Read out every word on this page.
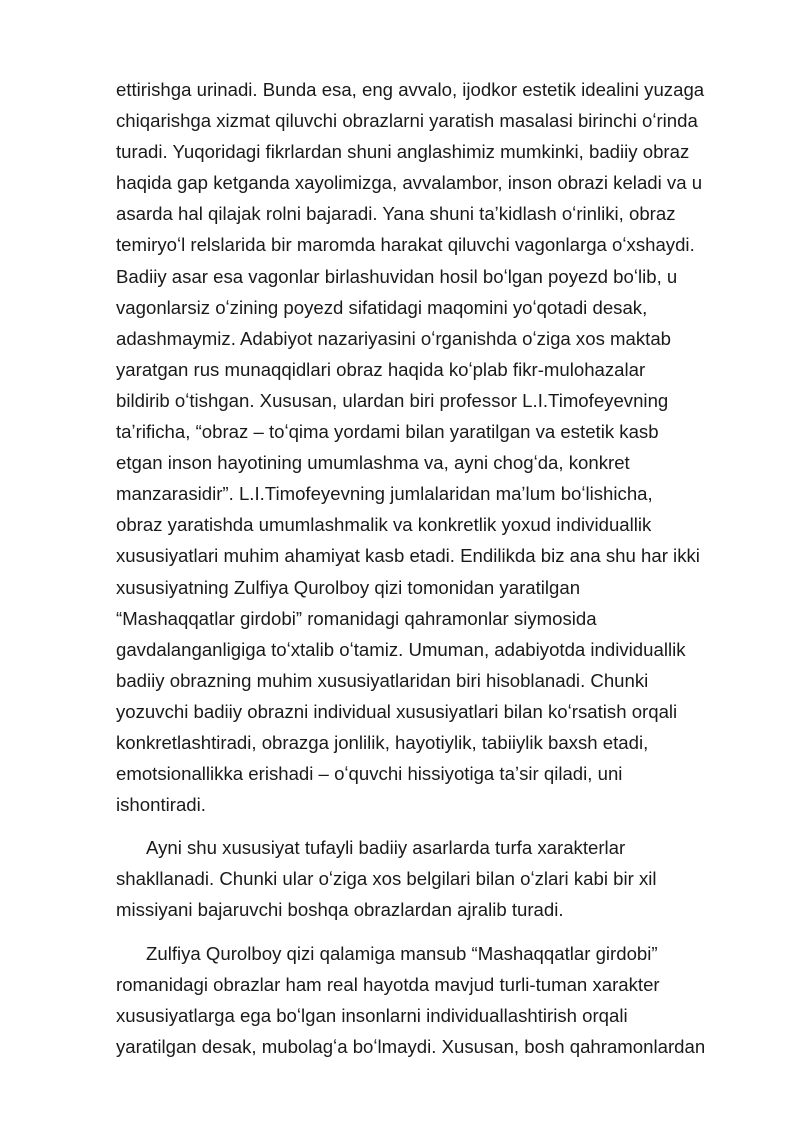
ettirishga urinadi. Bunda esa, eng avvalo, ijodkor estetik idealini yuzaga
chiqarishga xizmat qiluvchi obrazlarni yaratish masalasi birinchi oʻrinda
turadi. Yuqoridagi fikrlardan shuni anglashimiz mumkinki, badiiy obraz
haqida gap ketganda xayolimizga, avvalambor, inson obrazi keladi va u
asarda hal qilajak rolni bajaradi. Yana shuni taʼkidlash oʻrinliki, obraz
temiryoʻl relslarida bir maromda harakat qiluvchi vagonlarga oʻxshaydi.
Badiiy asar esa vagonlar birlashuvidan hosil boʻlgan poyezd boʻlib, u
vagonlarsiz oʻzining poyezd sifatidagi maqomini yoʻqotadi desak,
adashmaymiz. Adabiyot nazariyasini oʻrganishda oʻziga xos maktab
yaratgan rus munaqqidlari obraz haqida koʻplab fikr-mulohazalar
bildirib oʻtishgan. Xususan, ulardan biri professor L.I.Timofeyevning
taʼrificha, “obraz – toʻqima yordami bilan yaratilgan va estetik kasb
etgan inson hayotining umumlashma va, ayni chogʻda, konkret
manzarasidir”. L.I.Timofeyevning jumlalaridan maʼlum boʻlishicha,
obraz yaratishda umumlashmalik va konkretlik yoxud individuallik
xususiyatlari muhim ahamiyat kasb etadi. Endilikda biz ana shu har ikki
xususiyatning Zulfiya Qurolboy qizi tomonidan yaratilgan
“Mashaqqatlar girdobi” romanidagi qahramonlar siymosida
gavdalanganligiga toʻxtalib oʻtamiz. Umuman, adabiyotda individuallik
badiiy obrazning muhim xususiyatlaridan biri hisoblanadi. Chunki
yozuvchi badiiy obrazni individual xususiyatlari bilan koʻrsatish orqali
konkretlashtiradi, obrazga jonlilik, hayotiylik, tabiiylik baxsh etadi,
emotsionallikka erishadi – oʻquvchi hissiyotiga taʼsir qiladi, uni
ishontiradi.

Ayni shu xususiyat tufayli badiiy asarlarda turfa xarakterlar
shakllanadi. Chunki ular oʻziga xos belgilari bilan oʻzlari kabi bir xil
missiyani bajaruvchi boshqa obrazlardan ajralib turadi.

Zulfiya Qurolboy qizi qalamiga mansub “Mashaqqatlar girdobi”
romanidagi obrazlar ham real hayotda mavjud turli-tuman xarakter
xususiyatlarga ega boʻlgan insonlarni individuallashtirish orqali
yaratilgan desak, mubolagʻa boʻlmaydi. Xususan, bosh qahramonlardan
